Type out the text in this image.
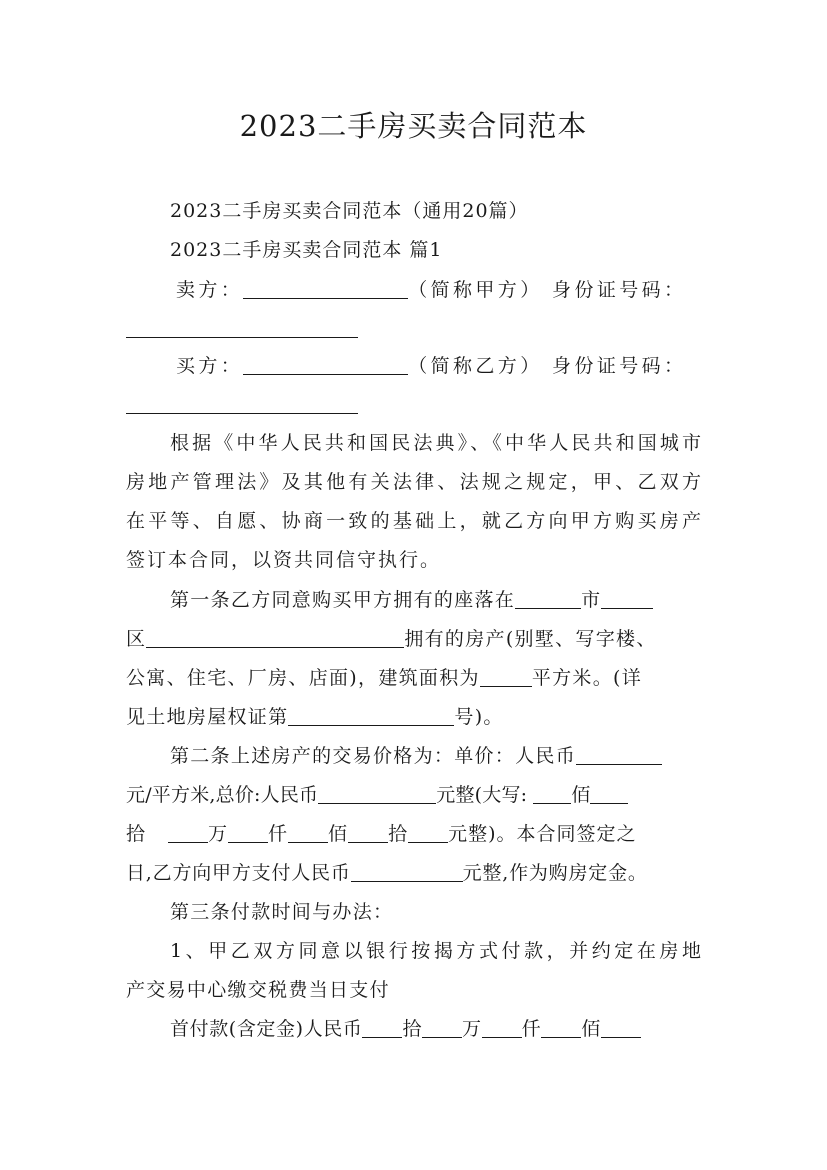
2023二手房买卖合同范本
2023二手房买卖合同范本（通用20篇）
2023二手房买卖合同范本 篇1
卖方：	（简称甲方） 身份证号码：
买方：	（简称乙方） 身份证号码：
根据《中华人民共和国民法典》、《中华人民共和国城市
房地产管理法》及其他有关法律、法规之规定，甲、乙双方
在平等、自愿、协商一致的基础上，就乙方向甲方购买房产
签订本合同，以资共同信守执行。
第一条乙方同意购买甲方拥有的座落在	市
区	拥有的房产(别墅、写字楼、
公寓、住宅、厂房、店面)，建筑面积为	平方米。(详
见土地房屋权证第	号)。
第二条上述房产的交易价格为：单价：人民币
元/平方米,总价:人民币	元整(大写: 佰
拾	万 仟 佰 拾 元整)。本合同签定之
日,乙方向甲方支付人民币	元整,作为购房定金。
第三条付款时间与办法：
1、甲乙双方同意以银行按揭方式付款，并约定在房地
产交易中心缴交税费当日支付
首付款(含定金)人民币 拾 万 仟 佰
